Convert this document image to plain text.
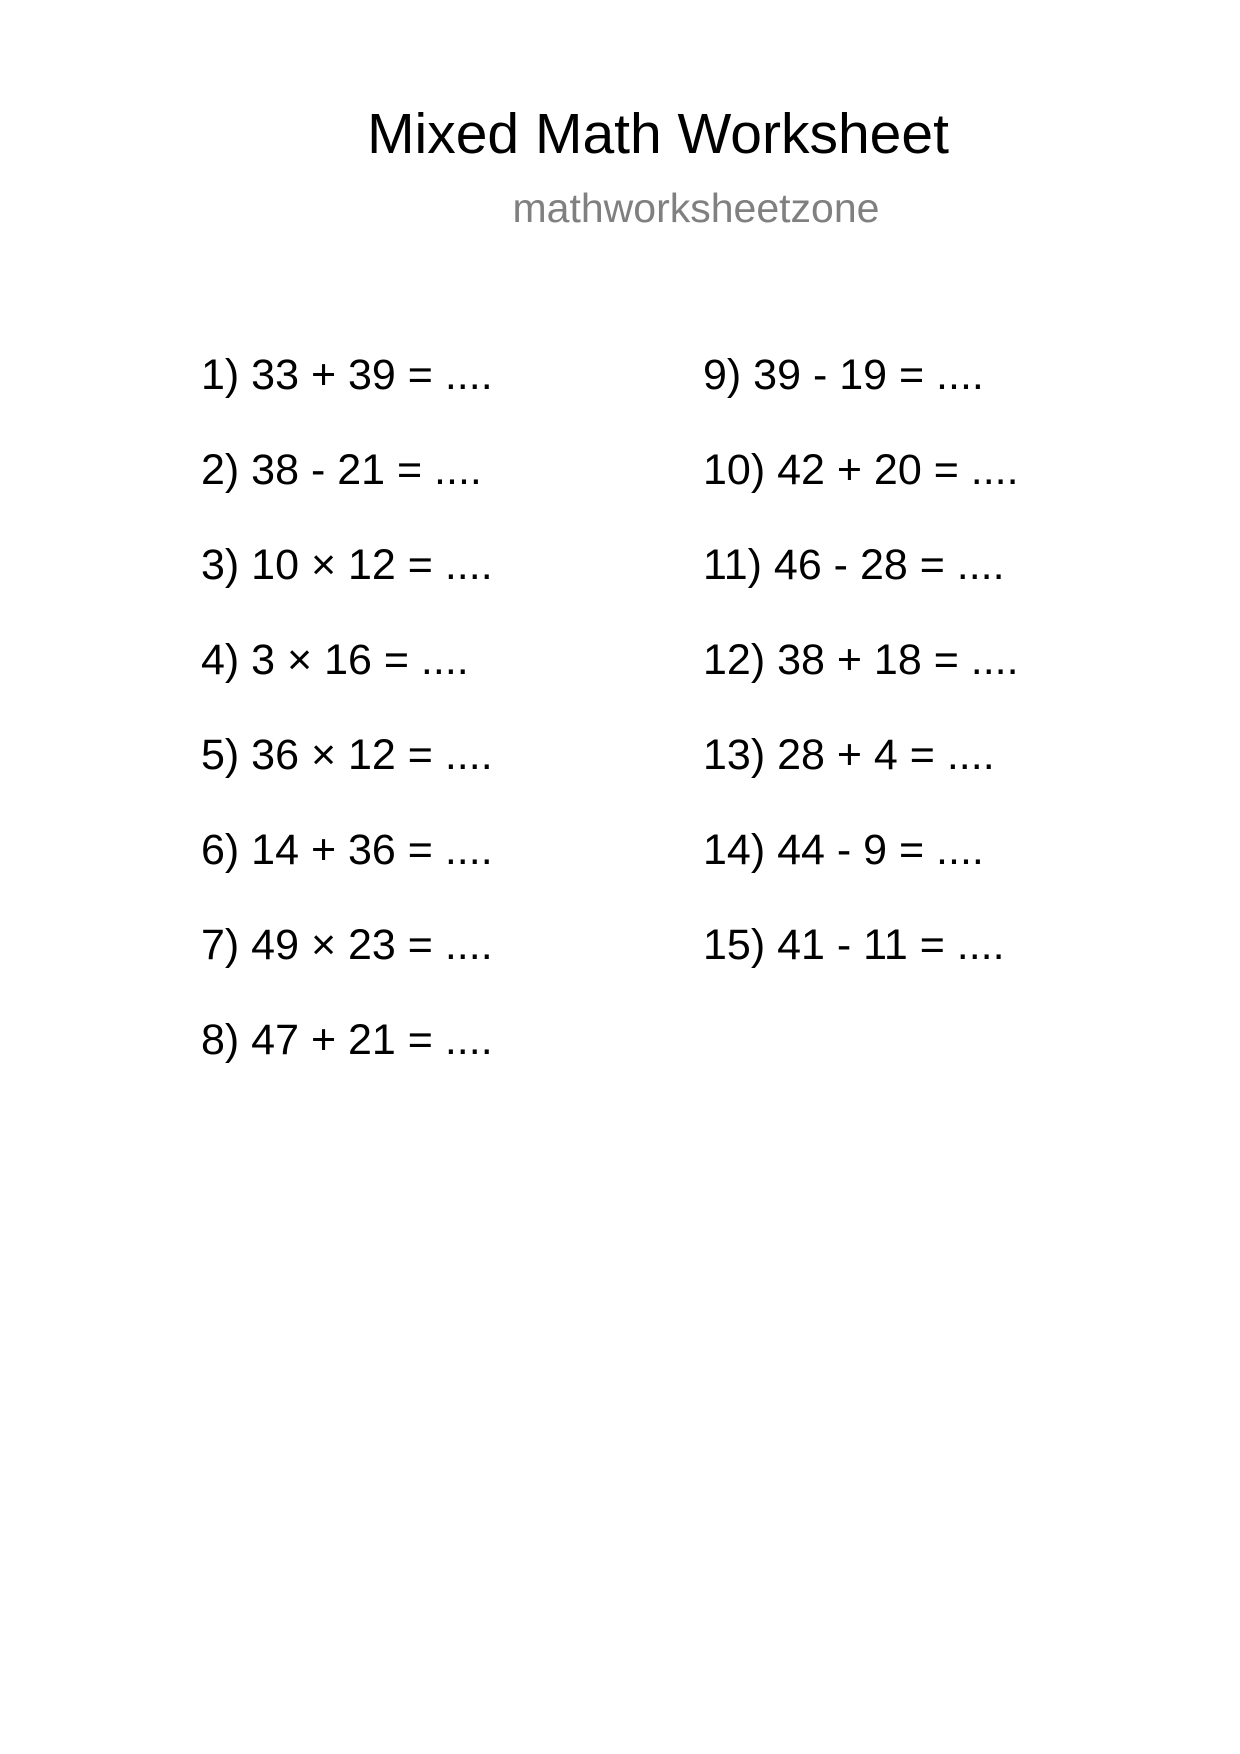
Mixed Math Worksheet
mathworksheetzone
1) 33 + 39 = ....
2) 38 - 21 = ....
3) 10 × 12 = ....
4) 3 × 16 = ....
5) 36 × 12 = ....
6) 14 + 36 = ....
7) 49 × 23 = ....
8) 47 + 21 = ....
9) 39 - 19 = ....
10) 42 + 20 = ....
11) 46 - 28 = ....
12) 38 + 18 = ....
13) 28 + 4 = ....
14) 44 - 9 = ....
15) 41 - 11 = ....
